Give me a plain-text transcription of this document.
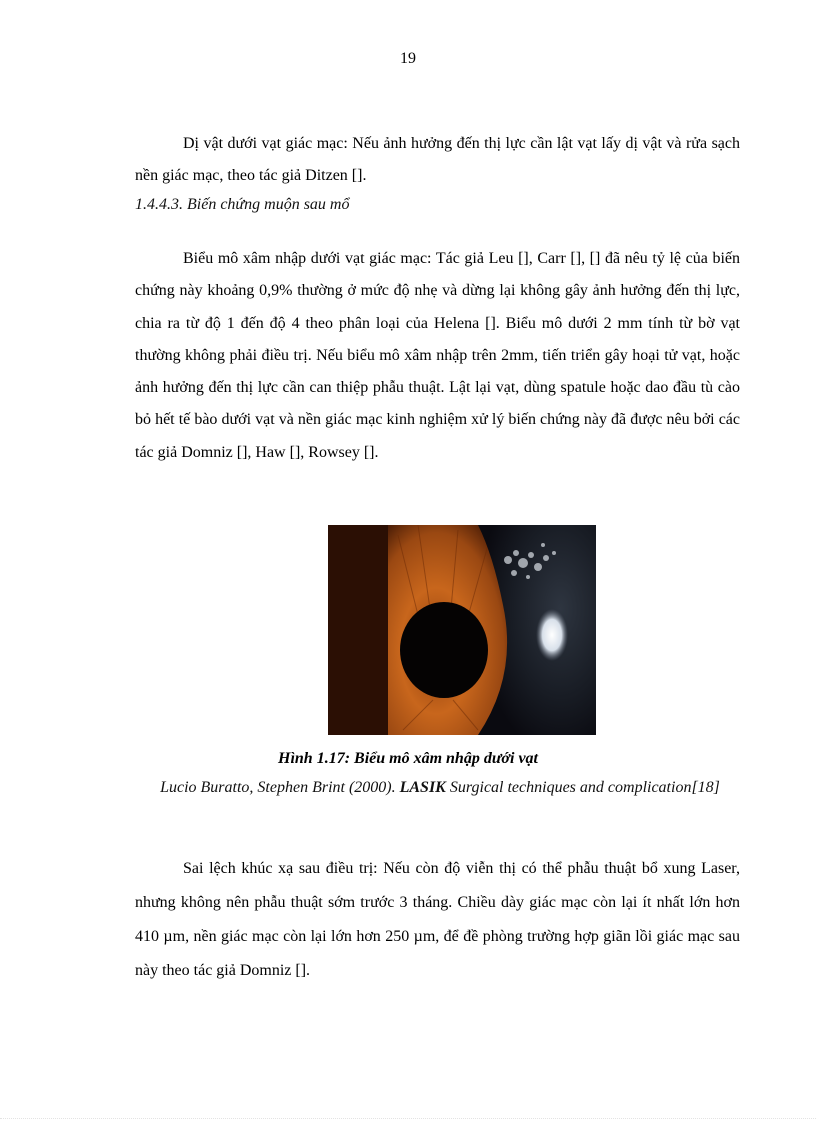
19

Dị vật dưới vạt giác mạc: Nếu ảnh hưởng đến thị lực cần lật vạt lấy dị vật và rửa sạch nền giác mạc, theo tác giả Ditzen [].

1.4.4.3. Biến chứng muộn sau mổ

Biểu mô xâm nhập dưới vạt giác mạc: Tác giả Leu [], Carr [], [] đã nêu tỷ lệ của biến chứng này khoảng 0,9% thường ở mức độ nhẹ và dừng lại không gây ảnh hưởng đến thị lực, chia ra từ độ 1 đến độ 4 theo phân loại của Helena []. Biểu mô dưới 2 mm tính từ bờ vạt thường không phải điều trị. Nếu biểu mô xâm nhập trên 2mm, tiến triển gây hoại tử vạt, hoặc ảnh hưởng đến thị lực cần can thiệp phẫu thuật. Lật lại vạt, dùng spatule hoặc dao đầu tù cào bỏ hết tế bào dưới vạt và nền giác mạc kinh nghiệm xử lý biến chứng này đã được nêu bởi các tác giả Domniz [], Haw [], Rowsey [].

Hình 1.17: Biểu mô xâm nhập dưới vạt
Lucio Buratto, Stephen Brint (2000). LASIK Surgical techniques and complication[18]

Sai lệch khúc xạ sau điều trị: Nếu còn độ viễn thị có thể phẫu thuật bổ xung Laser, nhưng không nên phẫu thuật sớm trước 3 tháng. Chiều dày giác mạc còn lại ít nhất lớn hơn 410 µm, nền giác mạc còn lại lớn hơn 250 µm, để đề phòng trường hợp giãn lồi giác mạc sau này theo tác giả Domniz [].
